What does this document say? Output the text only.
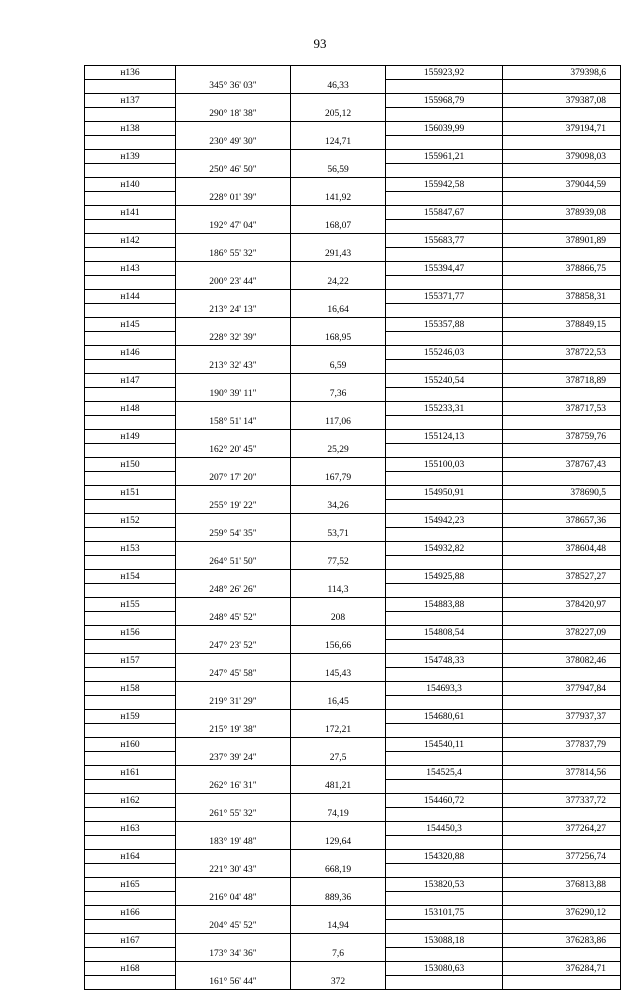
93
н136			155923,92	379398,6
	345° 36' 03"	46,33		
н137			155968,79	379387,08
	290° 18' 38"	205,12		
н138			156039,99	379194,71
	230° 49' 30"	124,71		
н139			155961,21	379098,03
	250° 46' 50"	56,59		
н140			155942,58	379044,59
	228° 01' 39"	141,92		
н141			155847,67	378939,08
	192° 47' 04"	168,07		
н142			155683,77	378901,89
	186° 55' 32"	291,43		
н143			155394,47	378866,75
	200° 23' 44"	24,22		
н144			155371,77	378858,31
	213° 24' 13"	16,64		
н145			155357,88	378849,15
	228° 32' 39"	168,95		
н146			155246,03	378722,53
	213° 32' 43"	6,59		
н147			155240,54	378718,89
	190° 39' 11"	7,36		
н148			155233,31	378717,53
	158° 51' 14"	117,06		
н149			155124,13	378759,76
	162° 20' 45"	25,29		
н150			155100,03	378767,43
	207° 17' 20"	167,79		
н151			154950,91	378690,5
	255° 19' 22"	34,26		
н152			154942,23	378657,36
	259° 54' 35"	53,71		
н153			154932,82	378604,48
	264° 51' 50"	77,52		
н154			154925,88	378527,27
	248° 26' 26"	114,3		
н155			154883,88	378420,97
	248° 45' 52"	208		
н156			154808,54	378227,09
	247° 23' 52"	156,66		
н157			154748,33	378082,46
	247° 45' 58"	145,43		
н158			154693,3	377947,84
	219° 31' 29"	16,45		
н159			154680,61	377937,37
	215° 19' 38"	172,21		
н160			154540,11	377837,79
	237° 39' 24"	27,5		
н161			154525,4	377814,56
	262° 16' 31"	481,21		
н162			154460,72	377337,72
	261° 55' 32"	74,19		
н163			154450,3	377264,27
	183° 19' 48"	129,64		
н164			154320,88	377256,74
	221° 30' 43"	668,19		
н165			153820,53	376813,88
	216° 04' 48"	889,36		
н166			153101,75	376290,12
	204° 45' 52"	14,94		
н167			153088,18	376283,86
	173° 34' 36"	7,6		
н168			153080,63	376284,71
	161° 56' 44"	372		
